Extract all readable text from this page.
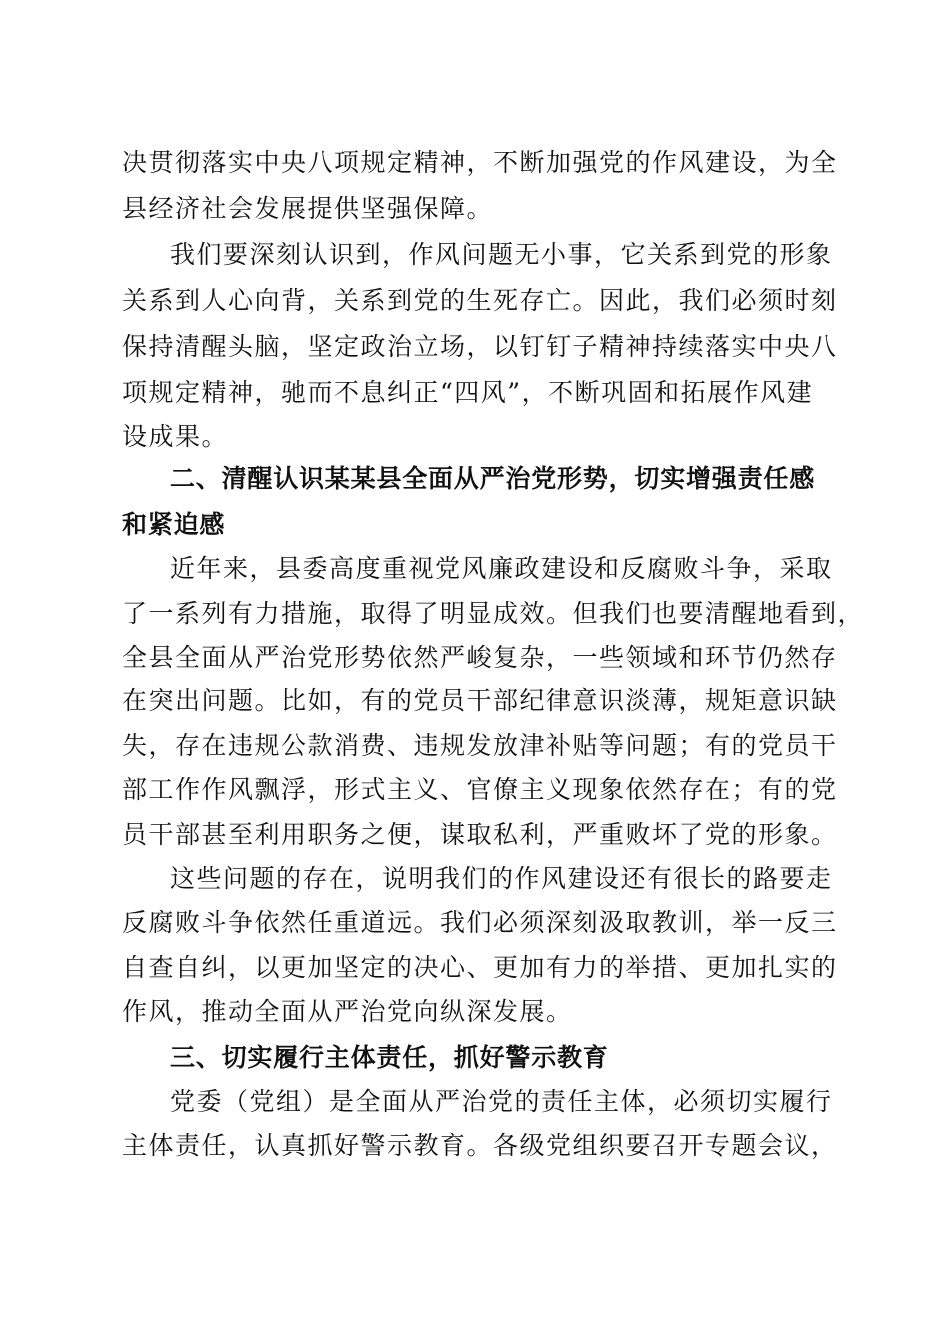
决贯彻落实中央八项规定精神，不断加强党的作风建设，为全
县经济社会发展提供坚强保障。
我们要深刻认识到，作风问题无小事，它关系到党的形象
关系到人心向背，关系到党的生死存亡。因此，我们必须时刻
保持清醒头脑，坚定政治立场，以钉钉子精神持续落实中央八
项规定精神，驰而不息纠正“四风”，不断巩固和拓展作风建
设成果。
二、清醒认识某某县全面从严治党形势，切实增强责任感
和紧迫感
近年来，县委高度重视党风廉政建设和反腐败斗争，采取
了一系列有力措施，取得了明显成效。但我们也要清醒地看到，
全县全面从严治党形势依然严峻复杂，一些领域和环节仍然存
在突出问题。比如，有的党员干部纪律意识淡薄，规矩意识缺
失，存在违规公款消费、违规发放津补贴等问题；有的党员干
部工作作风飘浮，形式主义、官僚主义现象依然存在；有的党
员干部甚至利用职务之便，谋取私利，严重败坏了党的形象。
这些问题的存在，说明我们的作风建设还有很长的路要走
反腐败斗争依然任重道远。我们必须深刻汲取教训，举一反三
自查自纠，以更加坚定的决心、更加有力的举措、更加扎实的
作风，推动全面从严治党向纵深发展。
三、切实履行主体责任，抓好警示教育
党委（党组）是全面从严治党的责任主体，必须切实履行
主体责任，认真抓好警示教育。各级党组织要召开专题会议，
